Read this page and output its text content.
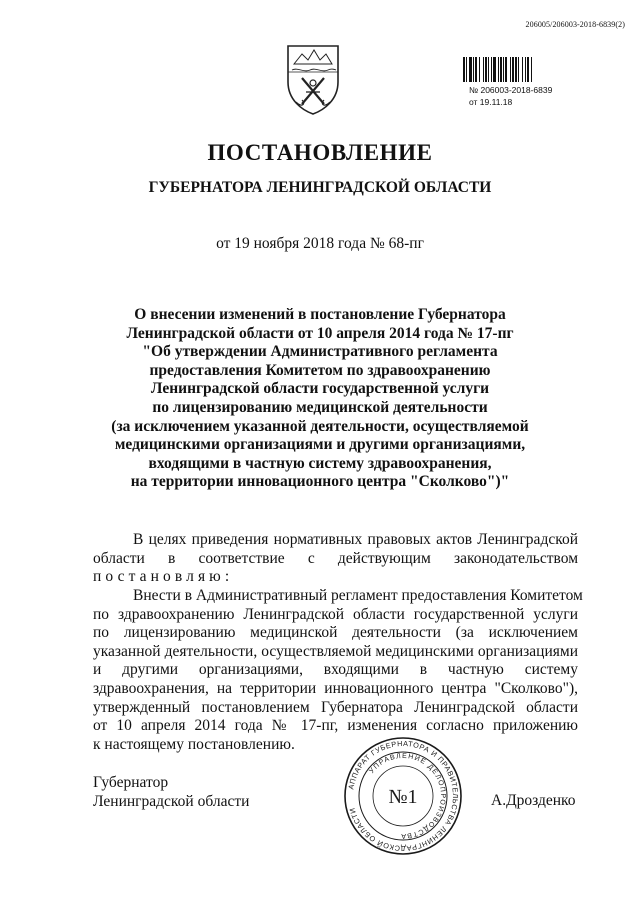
206005/206003-2018-6839(2)
№ 206003-2018-6839
от 19.11.18
ПОСТАНОВЛЕНИЕ
ГУБЕРНАТОРА ЛЕНИНГРАДСКОЙ ОБЛАСТИ
от 19 ноября 2018 года № 68-пг
О внесении изменений в постановление Губернатора
Ленинградской области от 10 апреля 2014 года № 17-пг
"Об утверждении Административного регламента
предоставления Комитетом по здравоохранению
Ленинградской области государственной услуги
по лицензированию медицинской деятельности
(за исключением указанной деятельности, осуществляемой
медицинскими организациями и другими организациями,
входящими в частную систему здравоохранения,
на территории инновационного центра "Сколково")"
В целях приведения нормативных правовых актов Ленинградской
области в соответствие с действующим законодательством
постановляю:
Внести в Административный регламент предоставления Комитетом
по здравоохранению Ленинградской области государственной услуги
по лицензированию медицинской деятельности (за исключением
указанной деятельности, осуществляемой медицинскими организациями
и другими организациями, входящими в частную систему
здравоохранения, на территории инновационного центра "Сколково"),
утвержденный постановлением Губернатора Ленинградской области
от 10 апреля 2014 года № 17-пг, изменения согласно приложению
к настоящему постановлению.
Губернатор
Ленинградской области	А.Дрозденко
АППАРАТ ГУБЕРНАТОРА И ПРАВИТЕЛЬСТВА ЛЕНИНГРАДСКОЙ ОБЛАСТИ
УПРАВЛЕНИЕ ДЕЛОПРОИЗВОДСТВА
№1
